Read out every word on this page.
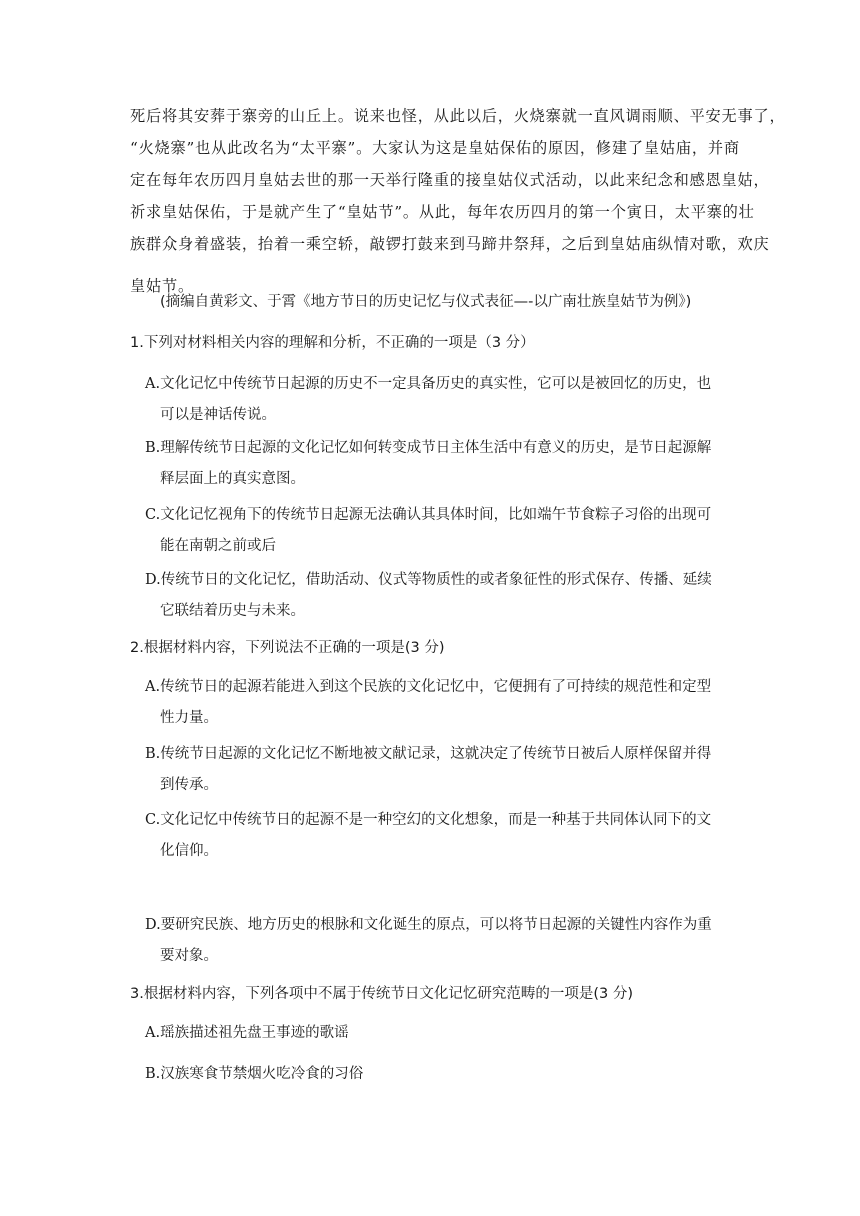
死后将其安葬于寨旁的山丘上。说来也怪，从此以后，火烧寨就一直风调雨顺、平安无事了，
“火烧寨”也从此改名为“太平寨”。大家认为这是皇姑保佑的原因，修建了皇姑庙，并商
定在每年农历四月皇姑去世的那一天举行隆重的接皇姑仪式活动，以此来纪念和感恩皇姑，
祈求皇姑保佑，于是就产生了“皇姑节”。从此，每年农历四月的第一个寅日，太平寨的壮
族群众身着盛装，抬着一乘空轿，敲锣打鼓来到马蹄井祭拜，之后到皇姑庙纵情对歌，欢庆
皇姑节。
(摘编自黄彩文、于霄《地方节日的历史记忆与仪式表征—-以广南壮族皇姑节为例》)
1.下列对材料相关内容的理解和分析，不正确的一项是（3 分）
A.文化记忆中传统节日起源的历史不一定具备历史的真实性，它可以是被回忆的历史，也
可以是神话传说。
B.理解传统节日起源的文化记忆如何转变成节日主体生活中有意义的历史，是节日起源解
释层面上的真实意图。
C.文化记忆视角下的传统节日起源无法确认其具体时间，比如端午节食粽子习俗的出现可
能在南朝之前或后
D.传统节日的文化记忆，借助活动、仪式等物质性的或者象征性的形式保存、传播、延续
它联结着历史与未来。
2.根据材料内容，下列说法不正确的一项是(3 分)
A.传统节日的起源若能进入到这个民族的文化记忆中，它便拥有了可持续的规范性和定型
性力量。
B.传统节日起源的文化记忆不断地被文献记录，这就决定了传统节日被后人原样保留并得
到传承。
C.文化记忆中传统节日的起源不是一种空幻的文化想象，而是一种基于共同体认同下的文
化信仰。
D.要研究民族、地方历史的根脉和文化诞生的原点，可以将节日起源的关键性内容作为重
要对象。
3.根据材料内容，下列各项中不属于传统节日文化记忆研究范畴的一项是(3 分)
A.瑶族描述祖先盘王事迹的歌谣
B.汉族寒食节禁烟火吃冷食的习俗
